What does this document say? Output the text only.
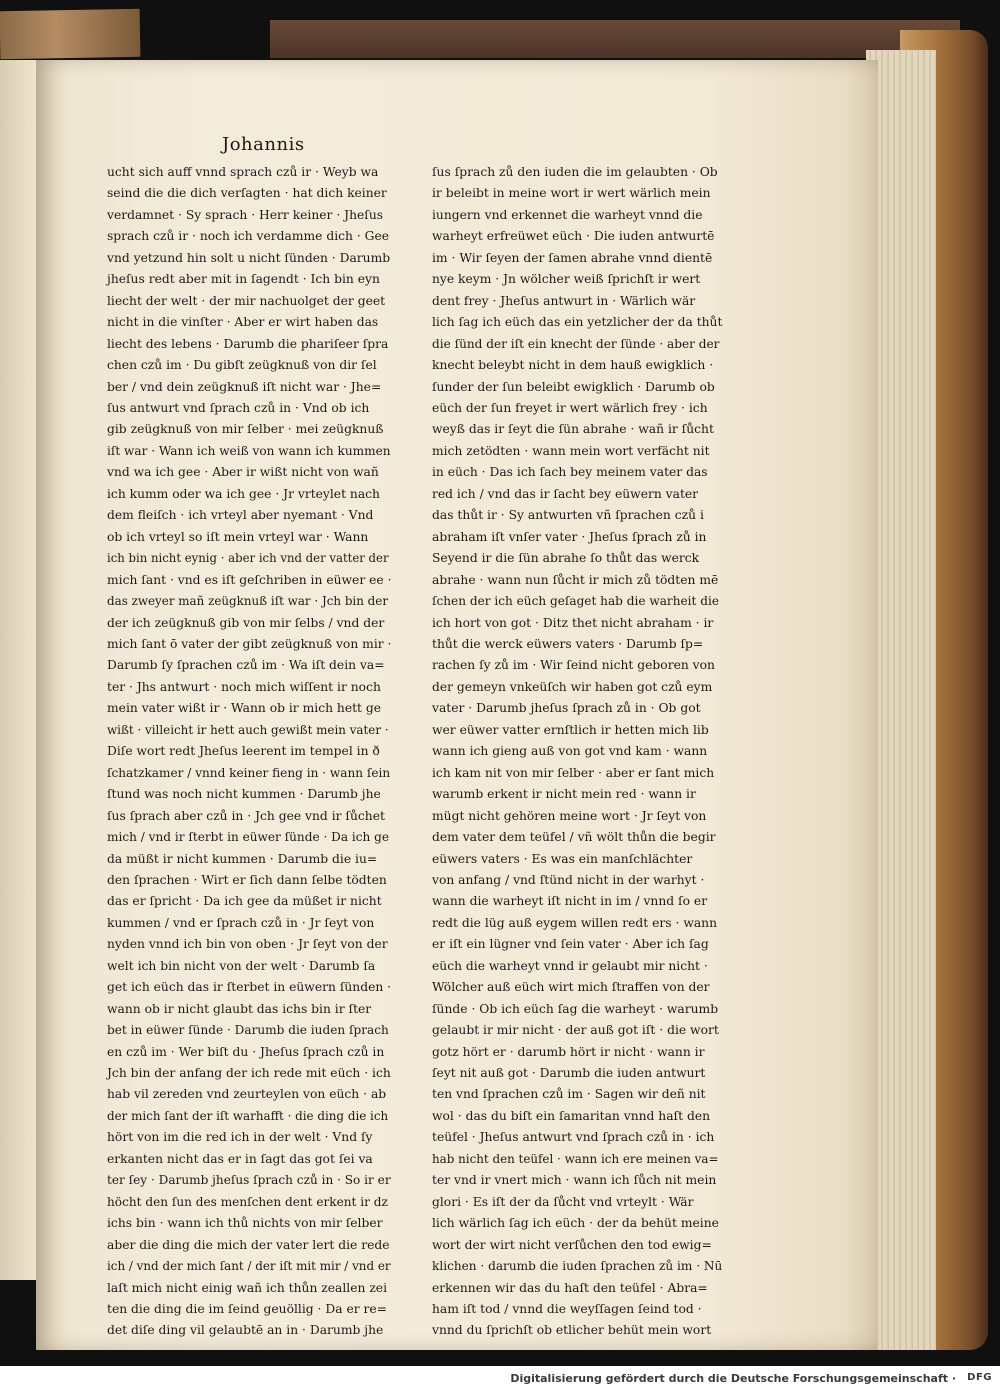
Johannis
ucht sich auff vnnd sprach czů ir · Weyb wa
seind die die dich verſagten · hat dich keiner
verdamnet · Sy sprach · Herr keiner · Jheſus
sprach czů ir · noch ich verdamme dich · Gee
vnd yetzund hin solt u nicht ſünden · Darumb
jheſus redt aber mit in ſagendt · Ich bin eyn
liecht der welt · der mir nachuolget der geet
nicht in die vinſter · Aber er wirt haben das
liecht des lebens · Darumb die phariſeer ſpra
chen czů im · Du gibſt zeügknuß von dir ſel
ber / vnd dein zeügknuß iſt nicht war · Jhe=
ſus antwurt vnd ſprach czů in · Vnd ob ich
gib zeügknuß von mir ſelber · mei zeügknuß
iſt war · Wann ich weiß von wann ich kummen
vnd wa ich gee · Aber ir wißt nicht von wañ
ich kumm oder wa ich gee · Jr vrteylet nach
dem fleiſch · ich vrteyl aber nyemant · Vnd
ob ich vrteyl so iſt mein vrteyl war · Wann
ich bin nicht eynig · aber ich vnd der vatter der
mich ſant · vnd es iſt geſchriben in eüwer ee ·
das zweyer mañ zeügknuß iſt war · Jch bin der
der ich zeügknuß gib von mir ſelbs / vnd der
mich ſant ō vater der gibt zeügknuß von mir ·
Darumb ſy ſprachen czů im · Wa iſt dein va=
ter · Jhs antwurt · noch mich wiſſent ir noch
mein vater wißt ir · Wann ob ir mich hett ge
wißt · villeicht ir hett auch gewißt mein vater ·
Diſe wort redt Jheſus leerent im tempel in ð
ſchatzkamer / vnnd keiner fieng in · wann ſein
ſtund was noch nicht kummen · Darumb jhe
ſus ſprach aber czů in · Jch gee vnd ir ſůchet
mich / vnd ir ſterbt in eüwer ſünde · Da ich ge
da müßt ir nicht kummen · Darumb die iu=
den ſprachen · Wirt er ſich dann ſelbe tödten
das er ſpricht · Da ich gee da müßet ir nicht
kummen / vnd er ſprach czů in · Jr ſeyt von
nyden vnnd ich bin von oben · Jr ſeyt von der
welt ich bin nicht von der welt · Darumb ſa
get ich eüch das ir ſterbet in eüwern ſünden ·
wann ob ir nicht glaubt das ichs bin ir ſter
bet in eüwer ſünde · Darumb die iuden ſprach
en czů im · Wer biſt du · Jheſus ſprach czů in
Jch bin der anfang der ich rede mit eüch · ich
hab vil zereden vnd zeurteylen von eüch · ab
der mich ſant der iſt warhafft · die ding die ich
hört von im die red ich in der welt · Vnd ſy
erkanten nicht das er in ſagt das got ſei va
ter ſey · Darumb jheſus ſprach czů in · So ir er
höcht den ſun des menſchen dent erkent ir dz
ichs bin · wann ich thů nichts von mir ſelber
aber die ding die mich der vater lert die rede
ich / vnd der mich ſant / der iſt mit mir / vnd er
laſt mich nicht einig wañ ich thůn zeallen zei
ten die ding die im ſeind geuöllig · Da er re=
det diſe ding vil gelaubtē an in · Darumb jhe
ſus ſprach zů den iuden die im gelaubten · Ob
ir beleibt in meine wort ir wert wärlich mein
iungern vnd erkennet die warheyt vnnd die
warheyt erfreüwet eüch · Die iuden antwurtē
im · Wir ſeyen der ſamen abrahe vnnd dientē
nye keym · Jn wölcher weiß ſprichſt ir wert
dent frey · Jheſus antwurt in · Wärlich wär
lich ſag ich eüch das ein yetzlicher der da thůt
die ſünd der iſt ein knecht der ſünde · aber der
knecht beleybt nicht in dem hauß ewigklich ·
ſunder der ſun beleibt ewigklich · Darumb ob
eüch der ſun freyet ir wert wärlich frey · ich
weyß das ir ſeyt die ſün abrahe · wañ ir ſůcht
mich zetödten · wann mein wort verfächt nit
in eüch · Das ich ſach bey meinem vater das
red ich / vnd das ir ſacht bey eüwern vater
das thůt ir · Sy antwurten vñ ſprachen czů i
abraham iſt vnſer vater · Jheſus ſprach zů in
Seyend ir die ſün abrahe ſo thůt das werck
abrahe · wann nun ſůcht ir mich zů tödten mē
ſchen der ich eüch geſaget hab die warheit die
ich hort von got · Ditz thet nicht abraham · ir
thůt die werck eüwers vaters · Darumb ſp=
rachen ſy zů im · Wir ſeind nicht geboren von
der gemeyn vnkeüſch wir haben got czů eym
vater · Darumb jheſus ſprach zů in · Ob got
wer eüwer vatter ernſtlich ir hetten mich lib
wann ich gieng auß von got vnd kam · wann
ich kam nit von mir ſelber · aber er ſant mich
warumb erkent ir nicht mein red · wann ir
mügt nicht gehören meine wort · Jr ſeyt von
dem vater dem teüfel / vñ wölt thůn die begir
eüwers vaters · Es was ein manſchlächter
von anfang / vnd ſtünd nicht in der warhyt ·
wann die warheyt iſt nicht in im / vnnd ſo er
redt die lüg auß eygem willen redt ers · wann
er iſt ein lügner vnd ſein vater · Aber ich ſag
eüch die warheyt vnnd ir gelaubt mir nicht ·
Wölcher auß eüch wirt mich ſtraffen von der
ſünde · Ob ich eüch ſag die warheyt · warumb
gelaubt ir mir nicht · der auß got iſt · die wort
gotz hört er · darumb hört ir nicht · wann ir
ſeyt nit auß got · Darumb die iuden antwurt
ten vnd ſprachen czů im · Sagen wir deñ nit
wol · das du biſt ein ſamaritan vnnd haſt den
teüfel · Jheſus antwurt vnd ſprach czů in · ich
hab nicht den teüfel · wann ich ere meinen va=
ter vnd ir vnert mich · wann ich ſůch nit mein
glori · Es iſt der da ſůcht vnd vrteylt · Wär
lich wärlich ſag ich eüch · der da behüt meine
wort der wirt nicht verſůchen den tod ewig=
klichen · darumb die iuden ſprachen zů im · Nū
erkennen wir das du haſt den teüfel · Abra=
ham iſt tod / vnnd die weyſſagen ſeind tod ·
vnnd du ſprichſt ob etlicher behüt mein wort
Digitalisierung gefördert durch die Deutsche Forschungsgemeinschaft · DFG
